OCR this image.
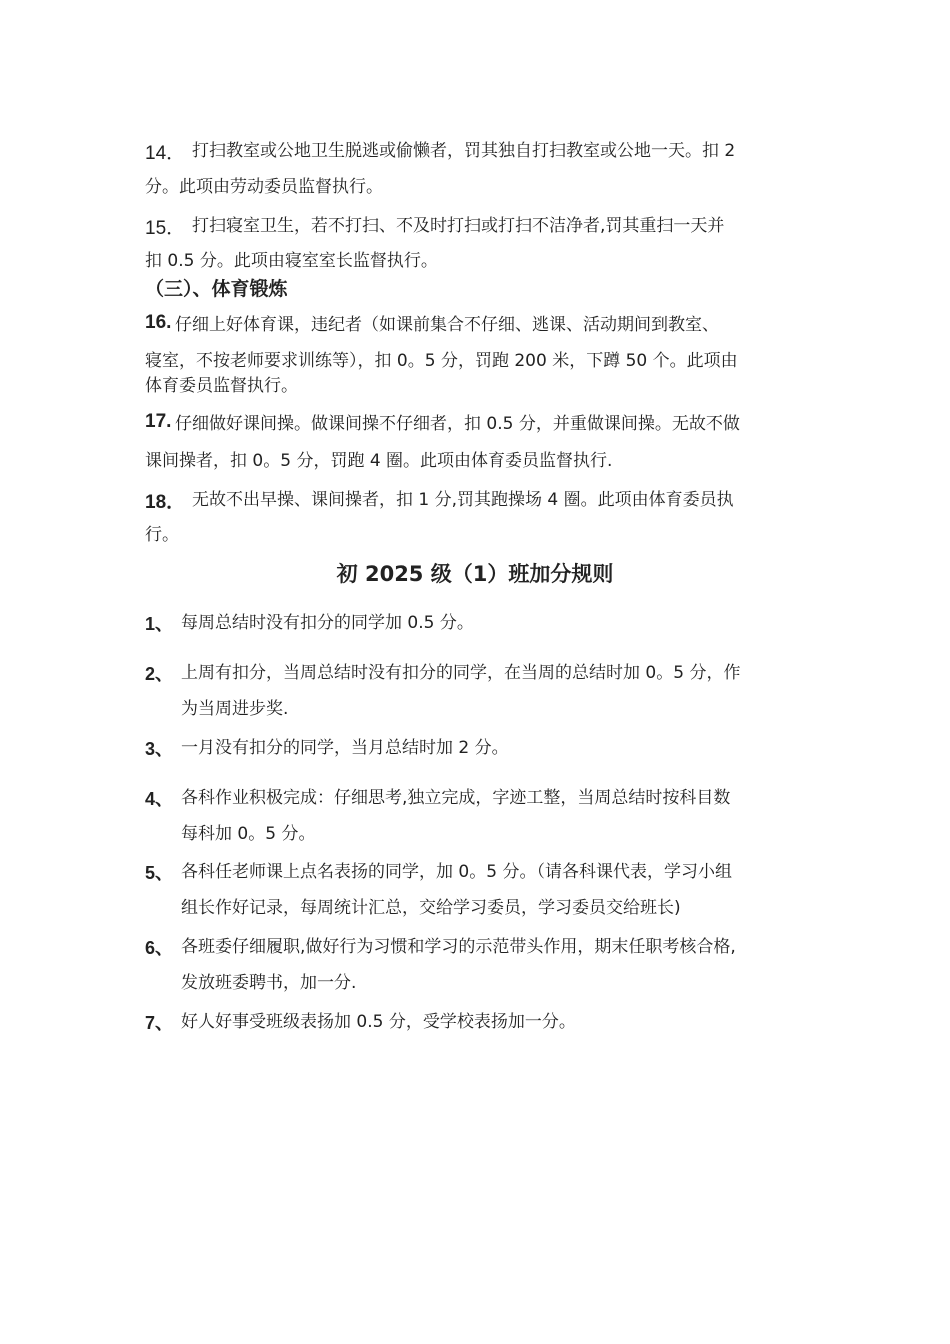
14． 打扫教室或公地卫生脱逃或偷懒者，罚其独自打扫教室或公地一天。扣 2
分。此项由劳动委员监督执行。
15． 打扫寝室卫生，若不打扫、不及时打扫或打扫不洁净者,罚其重扫一天并
扣 0.5 分。此项由寝室室长监督执行。
（三）、体育锻炼
16. 仔细上好体育课，违纪者（如课前集合不仔细、逃课、活动期间到教室、
寝室，不按老师要求训练等），扣 0。5 分，罚跑 200 米，下蹲 50 个。此项由
体育委员监督执行。
17. 仔细做好课间操。做课间操不仔细者，扣 0.5 分，并重做课间操。无故不做
课间操者，扣 0。5 分，罚跑 4 圈。此项由体育委员监督执行.
18． 无故不出早操、课间操者，扣 1 分,罚其跑操场 4 圈。此项由体育委员执
行。
初 2025 级（1）班加分规则
1、 每周总结时没有扣分的同学加 0.5 分。
2、 上周有扣分，当周总结时没有扣分的同学，在当周的总结时加 0。5 分，作
为当周进步奖.
3、 一月没有扣分的同学，当月总结时加 2 分。
4、 各科作业积极完成：仔细思考,独立完成，字迹工整，当周总结时按科目数
每科加 0。5 分。
5、 各科任老师课上点名表扬的同学，加 0。5 分。（请各科课代表，学习小组
组长作好记录，每周统计汇总，交给学习委员，学习委员交给班长)
6、 各班委仔细履职,做好行为习惯和学习的示范带头作用，期末任职考核合格,
发放班委聘书，加一分.
7、 好人好事受班级表扬加 0.5 分，受学校表扬加一分。
